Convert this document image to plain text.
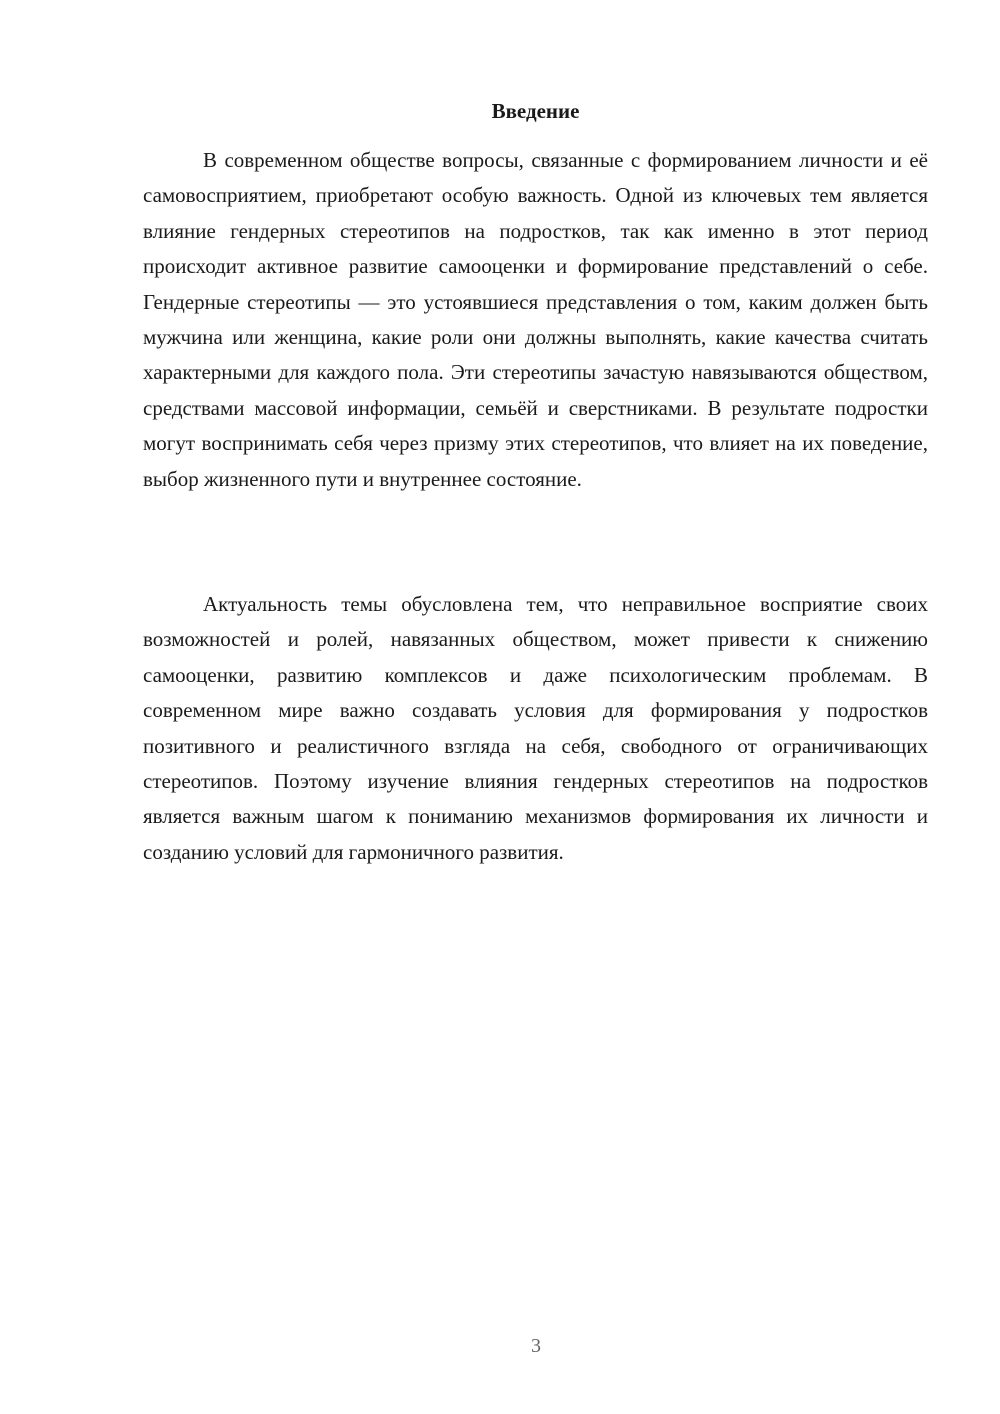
Введение

В современном обществе вопросы, связанные с формированием личности и её самовосприятием, приобретают особую важность. Одной из ключевых тем является влияние гендерных стереотипов на подростков, так как именно в этот период происходит активное развитие самооценки и формирование представлений о себе. Гендерные стереотипы — это устоявшиеся представления о том, каким должен быть мужчина или женщина, какие роли они должны выполнять, какие качества считать характерными для каждого пола. Эти стереотипы зачастую навязываются обществом, средствами массовой информации, семьёй и сверстниками. В результате подростки могут воспринимать себя через призму этих стереотипов, что влияет на их поведение, выбор жизненного пути и внутреннее состояние.

Актуальность темы обусловлена тем, что неправильное восприятие своих возможностей и ролей, навязанных обществом, может привести к снижению самооценки, развитию комплексов и даже психологическим проблемам. В современном мире важно создавать условия для формирования у подростков позитивного и реалистичного взгляда на себя, свободного от ограничивающих стереотипов. Поэтому изучение влияния гендерных стереотипов на подростков является важным шагом к пониманию механизмов формирования их личности и созданию условий для гармоничного развития.

3
